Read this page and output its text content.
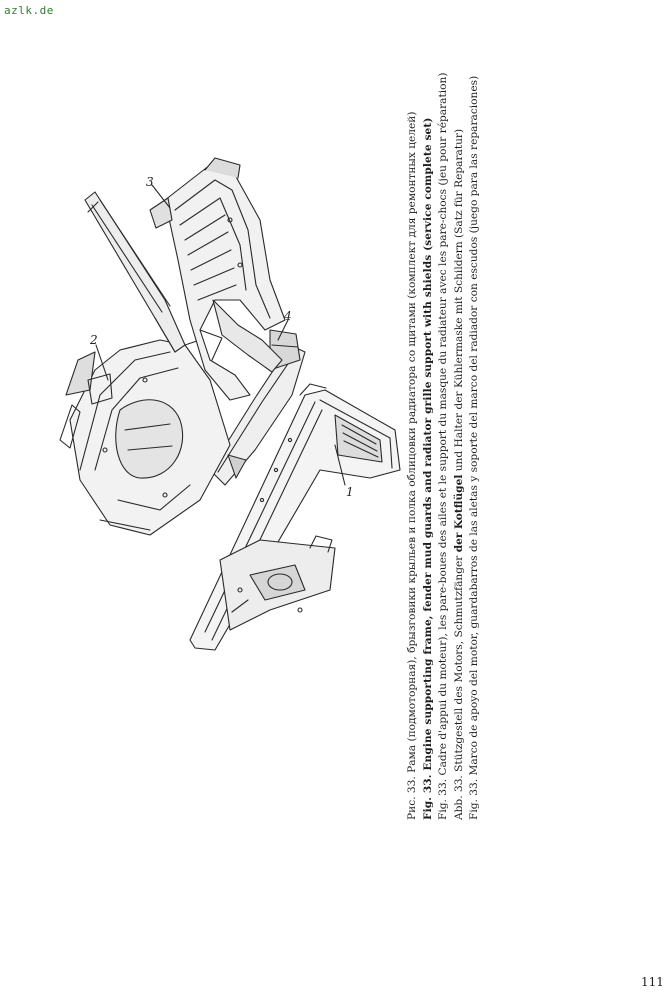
azlk.de
1
2
3
4	Рис. 33. Рама (подмоторная), брызговики крыльев и полка облицовки радиатора со щитами (комплект для ремонтных целей) Fig. 33. Engine supporting frame, fender mud guards and radiator grille support with shields (service complete set) Fig. 33. Cadre d'appui du moteur), les pare-boues des ailes et le support du masque du radiateur avec les pare-chocs (jeu pour réparation) Abb. 33. Stützgestell des Motors, Schmutzfänger der Kotflügel und Halter der Kühlermaske mit Schildern (Satz für Reparatur) Fig. 33. Marco de apoyo del motor, guardabarros de las aletas y soporte del marco del radiador con escudos (juego para las reparaciones)
111
